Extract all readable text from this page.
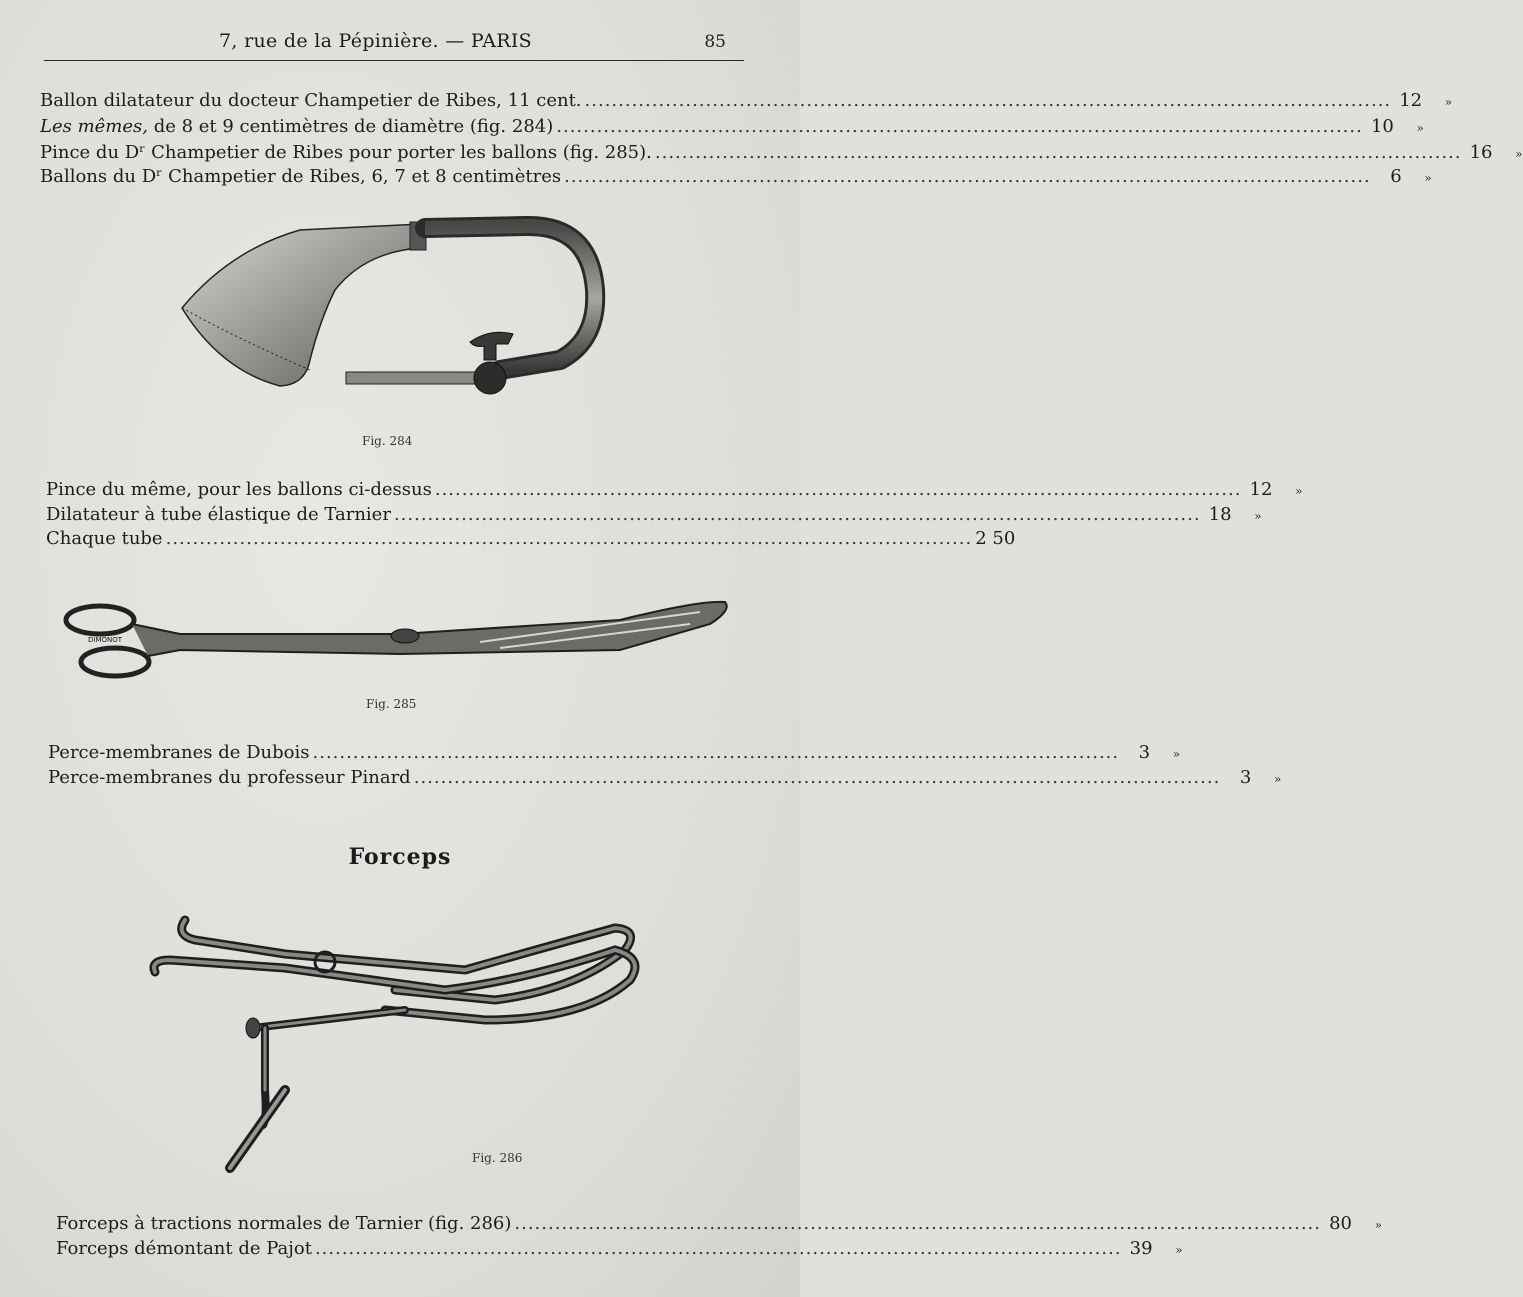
7, rue de la Pépinière. — PARIS	85
Ballon dilatateur du docteur Champetier de Ribes, 11 cent. ........................................................................................................................ 12	»
Les mêmes, de 8 et 9 centimètres de diamètre (fig. 284) ........................................................................................................................ 10	»
Pince du Dʳ Champetier de Ribes pour porter les ballons (fig. 285). ........................................................................................................................ 16	»
Ballons du Dʳ Champetier de Ribes, 6, 7 et 8 centimètres ........................................................................................................................	6	»
Fig. 284
Pince du même, pour les ballons ci-dessus ........................................................................................................................ 12	»
Dilatateur à tube élastique de Tarnier ........................................................................................................................ 18	»
Chaque tube ........................................................................................................................ 2 50
DIMONOT
Fig. 285
Perce-membranes de Dubois ........................................................................................................................	3	»
Perce-membranes du professeur Pinard ........................................................................................................................	3	»
Forceps
Fig. 286
Forceps à tractions normales de Tarnier (fig. 286) ........................................................................................................................ 80	»
Forceps démontant de Pajot ........................................................................................................................ 39	»
